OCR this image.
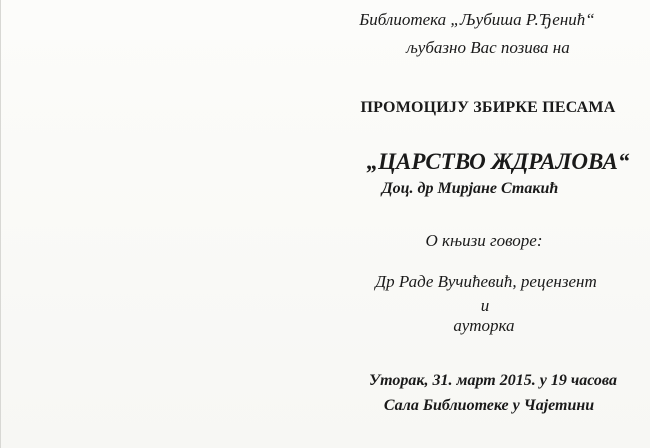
Библиотека „Љубиша Р.Ђенић“
љубазно Вас позива на
ПРОМОЦИЈУ ЗБИРКЕ ПЕСАМА
„ЦАРСТВО ЖДРАЛОВА“
Доц. др Мирјане Стакић
О књизи говоре:
Др Раде Вучићевић, рецензент
и
ауторка
Уторак, 31. март 2015. у 19 часова
Сала Библиотеке у Чајетини
